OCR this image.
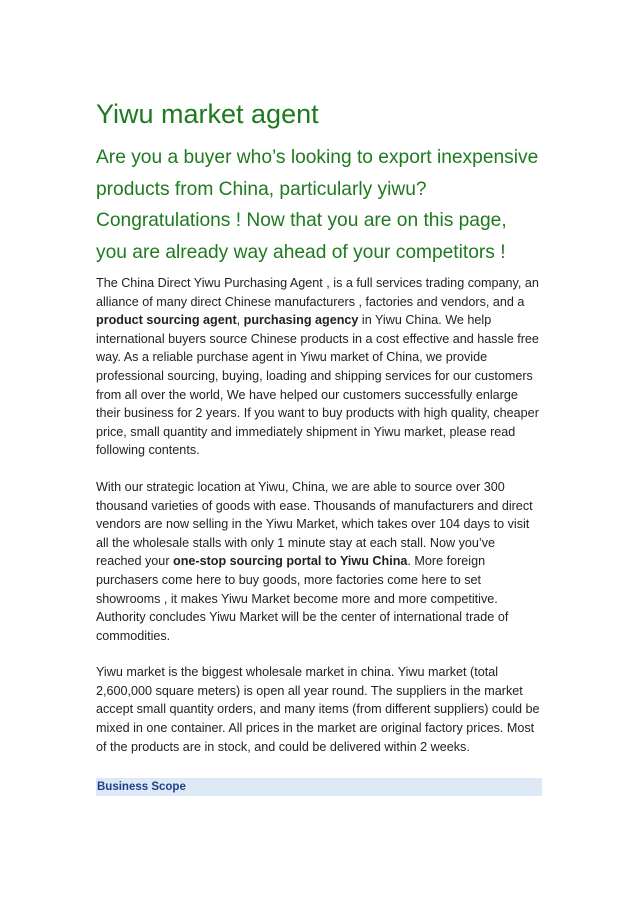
Yiwu market agent
Are you a buyer who’s looking to export inexpensive products from China, particularly yiwu? Congratulations ! Now that you are on this page, you are already way ahead of your competitors !

The China Direct Yiwu Purchasing Agent , is a full services trading company, an alliance of many direct Chinese manufacturers , factories and vendors, and a product sourcing agent, purchasing agency in Yiwu China. We help international buyers source Chinese products in a cost effective and hassle free way. As a reliable purchase agent in Yiwu market of China, we provide professional sourcing, buying, loading and shipping services for our customers from all over the world, We have helped our customers successfully enlarge their business for 2 years. If you want to buy products with high quality, cheaper price, small quantity and immediately shipment in Yiwu market, please read following contents.

With our strategic location at Yiwu, China, we are able to source over 300 thousand varieties of goods with ease. Thousands of manufacturers and direct vendors are now selling in the Yiwu Market, which takes over 104 days to visit all the wholesale stalls with only 1 minute stay at each stall. Now you’ve reached your one-stop sourcing portal to Yiwu China. More foreign purchasers come here to buy goods, more factories come here to set showrooms , it makes Yiwu Market become more and more competitive. Authority concludes Yiwu Market will be the center of international trade of commodities.

Yiwu market is the biggest wholesale market in china. Yiwu market (total 2,600,000 square meters) is open all year round. The suppliers in the market accept small quantity orders, and many items (from different suppliers) could be mixed in one container. All prices in the market are original factory prices. Most of the products are in stock, and could be delivered within 2 weeks.

Business Scope
